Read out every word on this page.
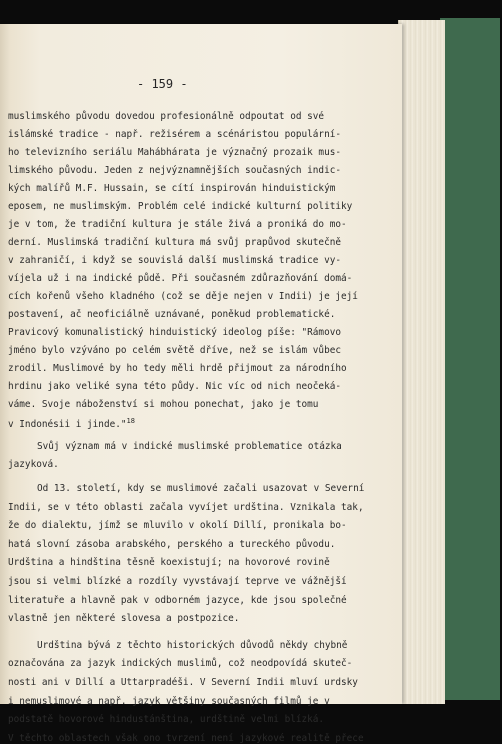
- 159 -
muslimského původu dovedou profesionálně odpoutat od své
islámské tradice - např. režisérem a scénáristou populární-
ho televizního seriálu Mahábhárata je význačný prozaik mus-
limského původu. Jeden z nejvýznamnějších současných indic-
kých malířů M.F. Hussain, se cítí inspirován hinduistickým
eposem, ne muslimským. Problém celé indické kulturní politiky
je v tom, že tradiční kultura je stále živá a proniká do mo-
derní. Muslimská tradiční kultura má svůj prapůvod skutečně
v zahraničí, i když se souvislá další muslimská tradice vy-
víjela už i na indické půdě. Při současném zdůrazňování domá-
cích kořenů všeho kladného (což se děje nejen v Indii) je její
postavení, ač neoficiálně uznávané, poněkud problematické.
Pravicový komunalistický hinduistický ideolog píše: "Rámovo
jméno bylo vzýváno po celém světě dříve, než se islám vůbec
zrodil. Muslimové by ho tedy měli hrdě přijmout za národního
hrdinu jako veliké syna této půdy. Nic víc od nich neočeká-
váme. Svoje náboženství si mohou ponechat, jako je tomu
v Indonésii i jinde."$^{18}$
Svůj význam má v indické muslimské problematice otázka
jazyková.
Od 13. století, kdy se muslimové začali usazovat v Severní
Indii, se v této oblasti začala vyvíjet urdština. Vznikala tak,
že do dialektu, jímž se mluvilo v okolí Dillí, pronikala bo-
hatá slovní zásoba arabského, perského a tureckého původu.
Urdština a hindština těsně koexistují; na hovorové rovině
jsou si velmi blízké a rozdíly vyvstávají teprve ve vážnější
literatuře a hlavně pak v odborném jazyce, kde jsou společné
vlastně jen některé slovesa a postpozice.
Urdština bývá z těchto historických důvodů někdy chybně
označována za jazyk indických muslimů, což neodpovídá skuteč-
nosti ani v Dillí a Uttarpradéši. V Severní Indii mluví urdsky
i nemuslimové a např. jazyk většiny současných filmů je v
podstatě hovorové hindustánština, urdštině velmi blízká.
V těchto oblastech však ono tvrzení není jazykové realitě přece
